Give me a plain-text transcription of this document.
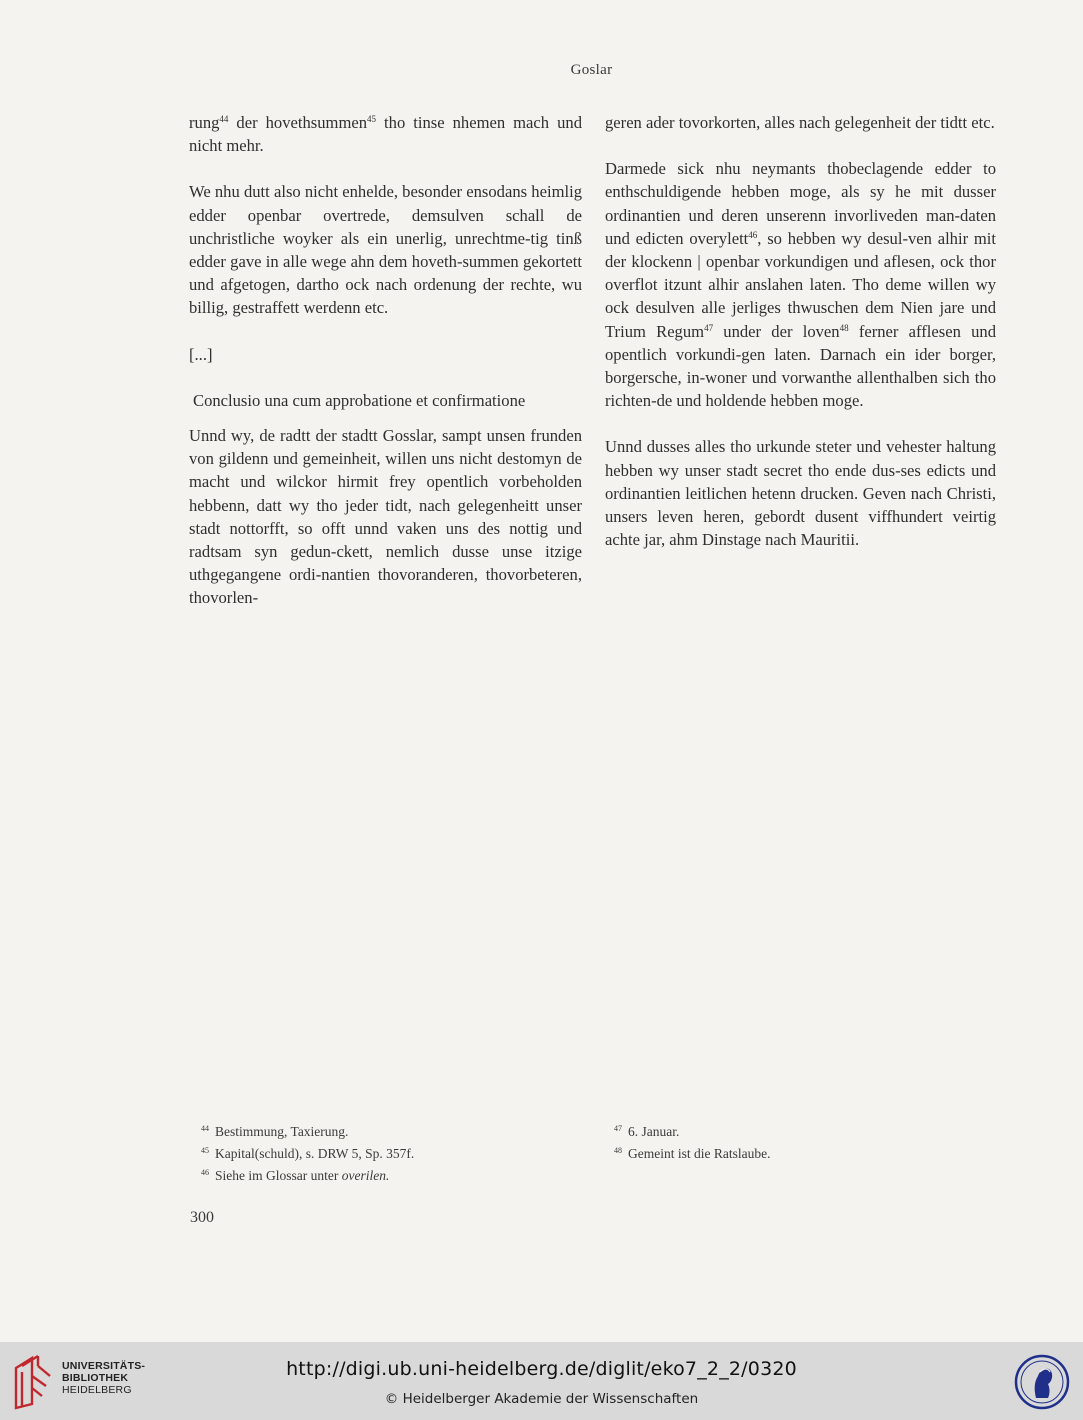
Goslar

rung$^{44}$ der hovethsummen$^{45}$ tho tinse nhemen mach und nicht mehr.

We nhu dutt also nicht enhelde, besonder ensodans heimlig edder openbar overtrede, demsulven schall de unchristliche woyker als ein unerlig, unrechtme-tig tinß edder gave in alle wege ahn dem hoveth-summen gekortett und afgetogen, dartho ock nach ordenung der rechte, wu billig, gestraffett werdenn etc.

[...]

Conclusio una cum approbatione et confirmatione

Unnd wy, de radtt der stadtt Gosslar, sampt unsen frunden von gildenn und gemeinheit, willen uns nicht destomyn de macht und wilckor hirmit frey opentlich vorbeholden hebbenn, datt wy tho jeder tidt, nach gelegenheitt unser stadt nottorfft, so offt unnd vaken uns des nottig und radtsam syn gedun-ckett, nemlich dusse unse itzige uthgegangene ordi-nantien thovoranderen, thovorbeteren, thovorlen-

geren ader tovorkorten, alles nach gelegenheit der tidtt etc.

Darmede sick nhu neymants thobeclagende edder to enthschuldigende hebben moge, als sy he mit dusser ordinantien und deren unserenn invorliveden man-daten und edicten overylett$^{46}$, so hebben wy desul-ven alhir mit der klockenn | openbar vorkundigen und aflesen, ock thor overflot itzunt alhir anslahen laten. Tho deme willen wy ock desulven alle jerliges thwuschen dem Nien jare und Trium Regum$^{47}$ under der loven$^{48}$ ferner afflesen und opentlich vorkundi-gen laten. Darnach ein ider borger, borgersche, in-woner und vorwanthe allenthalben sich tho richten-de und holdende hebben moge.

Unnd dusses alles tho urkunde steter und vehester haltung hebben wy unser stadt secret tho ende dus-ses edicts und ordinantien leitlichen hetenn drucken. Geven nach Christi, unsers leven heren, gebordt dusent viffhundert veirtig achte jar, ahm Dinstage nach Mauritii.

$^{44}$ Bestimmung, Taxierung.
$^{45}$ Kapital(schuld), s. DRW 5, Sp. 357f.
$^{46}$ Siehe im Glossar unter overilen.
$^{47}$ 6. Januar.
$^{48}$ Gemeint ist die Ratslaube.
300
UNIVERSITÄTS-
BIBLIOTHEK
HEIDELBERG
http://digi.ub.uni-heidelberg.de/diglit/eko7_2_2/0320
© Heidelberger Akademie der Wissenschaften
